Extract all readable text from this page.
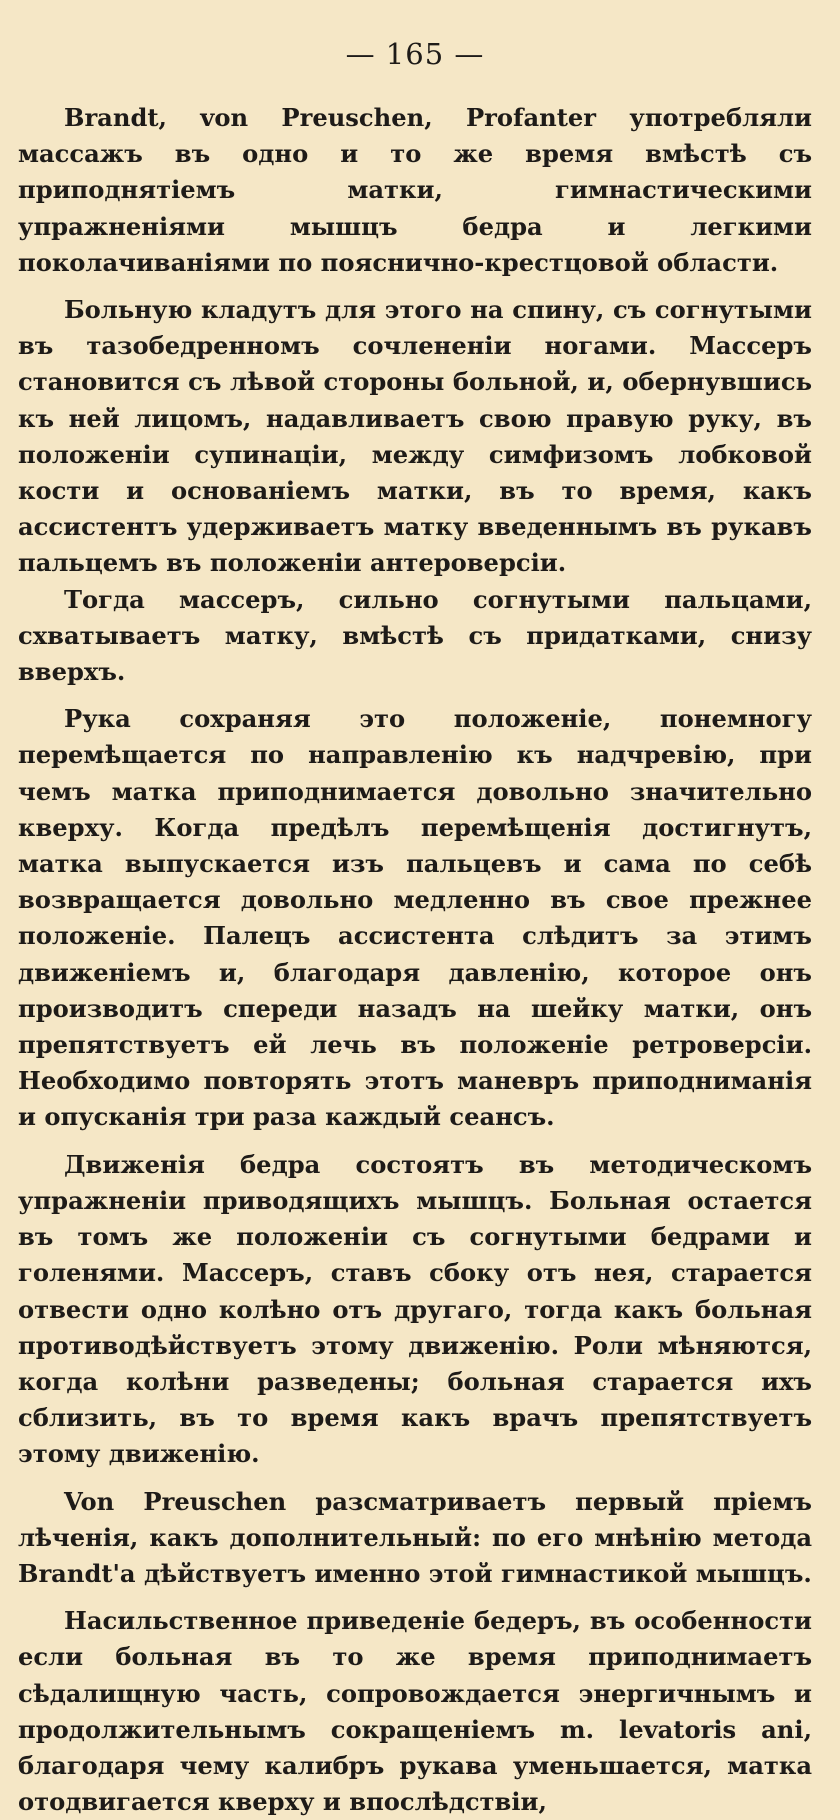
— 165 —

Brandt, von Preuschen, Profanter употребляли массажъ въ одно и то же время вмѣстѣ съ приподнятіемъ матки, гимнастическими упражненіями мышцъ бедра и легкими поколачиваніями по пояснично-крестцовой области.

Больную кладутъ для этого на спину, съ согнутыми въ тазобедренномъ сочлененіи ногами. Массеръ становится съ лѣвой стороны больной, и, обернувшись къ ней лицомъ, надавливаетъ свою правую руку, въ положеніи супинаціи, между симфизомъ лобковой кости и основаніемъ матки, въ то время, какъ ассистентъ удерживаетъ матку введеннымъ въ рукавъ пальцемъ въ положеніи антероверсіи.

Тогда массеръ, сильно согнутыми пальцами, схватываетъ матку, вмѣстѣ съ придатками, снизу вверхъ.

Рука сохраняя это положеніе, понемногу перемѣщается по направленію къ надчревію, при чемъ матка приподнимается довольно значительно кверху. Когда предѣлъ перемѣщенія достигнутъ, матка выпускается изъ пальцевъ и сама по себѣ возвращается довольно медленно въ свое прежнее положеніе. Палецъ ассистента слѣдитъ за этимъ движеніемъ и, благодаря давленію, которое онъ производитъ спереди назадъ на шейку матки, онъ препятствуетъ ей лечь въ положеніе ретроверсіи. Необходимо повторять этотъ маневръ приподниманія и опусканія три раза каждый сеансъ.

Движенія бедра состоятъ въ методическомъ упражненіи приводящихъ мышцъ. Больная остается въ томъ же положеніи съ согнутыми бедрами и голенями. Массеръ, ставъ сбоку отъ нея, старается отвести одно колѣно отъ другаго, тогда какъ больная противодѣйствуетъ этому движенію. Роли мѣняются, когда колѣни разведены; больная старается ихъ сблизить, въ то время какъ врачъ препятствуетъ этому движенію.

Von Preuschen разсматриваетъ первый пріемъ лѣченія, какъ дополнительный: по его мнѣнію метода Brandt'a дѣйствуетъ именно этой гимнастикой мышцъ.

Насильственное приведеніе бедеръ, въ особенности если больная въ то же время приподнимаетъ сѣдалищную часть, сопровождается энергичнымъ и продолжительнымъ сокращеніемъ m. levatoris ani, благодаря чему калибръ рукава уменьшается, матка отодвигается кверху и впослѣдствіи,
